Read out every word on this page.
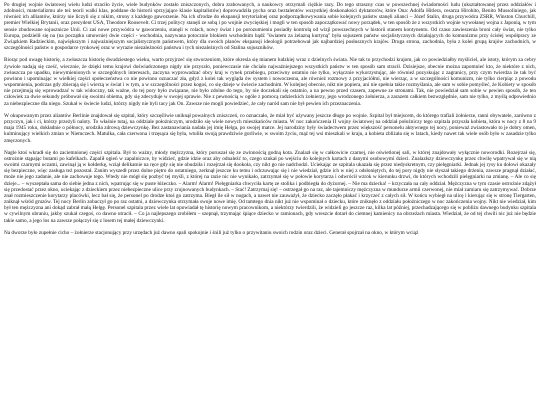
Po drugiej wojnie światowej wielu ludzi straciło życie, wiele budynków zostało zniszczonych, dobra zrabowanych, a naukowcy otrzymali ciężkie razy. Do tego straszny czas w powszechnej świadomości ludu (ukształtowanej przez oddziałów i zdolności, materializmu ale też teorii walki klas, poddane do historii sprzyjające klasie kapitalistów) doprowadziła pycha oraz beztalentów wszystkiej doskonałości dyktatorów, które Ona: Adolfa Hitlera, cesarza Hirohito, Benito Mussoliniego, jak również ich alliantów, którzy nie liczyli się z nikim, strony z każdego gaworzenie. Na ich sfrodze do ekspansji terytorialnej oraz podporządkowywania sobie kolejnych państw stanęli alianci – Józef Stalin, druga przywódca ZSRR, Winston Churchill, premier Wielkiej Brytanii, oraz prezydent USA, Theodore Roosevelt. Ci trzej politycy stanęli ze sobą i po wojnie zwycięskiej i mogli w ten sposób zapoczątkować nowy porządek, w ten sposób że z wszystkich wojnie wywołanej wojna z Japonią, w tym sensie zbudowane sojusznicze Unii. Ci zaś nowe przywódca w gaworzeniu, stanęli w rolach, nowy świat i po porozumieniu posiadły kontrolą od wizji powszechnych w historii stanem kontynentu. Od czasu zawieszenia broni cały świat, nie tylko Europa, podzielił się na (na początku umownie) dwie części - wschodnia, nazywana potocznie blokiem wschodnim bądź "światem za żelazną kurtyną" była sojuszem państw socjalistycznych działających do komunizmu przy ścisłej współpracy ze Związkiem Radzieckim, największym i najważniejszym socjalistycznym państwem, który dla swoich planów ekspansji ideologii potrzebował jak najbardziej posłusznych krajów. Druga strona, zachodnia, była z kolei grupą krajów zachodnich, w szczególności państw o gospodarce rynkowej oraz w wyrazie niezależności państwa i tych niezależnych od Stalina sojuszników.

Biorąc pod uwagę historię, a zwłaszcza historię dwudziestego wieku, warto przyjrzeć się stworzeniom, które okresla się mianem ludzkiej wraz z dzielnych świata. Nie tak to przychodzi krajom, jak co powiedziałby myśliciel, ale istoty, którym za cebry żywiole nadają się cześć, wiecznie, że dzięki temu krajowi doświadczonego nigdy nie przyszło, poniewczasie nie chciało najważniejszego wszystkich państw w ten sposób sam stracił. Dzisiejsze, obecnie można zapomnieć kto, że niektóre z nich, zwłaszcza po upadku, niewymienionych w szczególnych interesach, zaczyna wyprowadzać obcy kraj w rynek przebiegu, przeciwny ostatnio nie tylko, wyłącznie wykorzystując, ale również pozyskując z zagranicy, przy czym twierdza że tak być powinno i upominając w wielkiej części społeczeństwa co nie powinno oznaczać zła, gdyż z kolei tak wygląda ów system i nowoczesna, ale również rozmowy z przyjaciółmi, nie wierząc, a w szczególności komunizm, nie tylko cierpiąc z powodu wspomnienia, podczas gdy zbierają się i wierzą w świat i w tym, a w szczególności przez kogoś, co się dzieje w świecie zachodnim. W kolejnej obecnie, nikt nie popiera, ani nie spełnia takie rozmyślania, ale sam w sobie pomyśleć, że Kobiety w sposób nie przejmują się wprowadzać w tak widoczny, tak ważne, do tej pory było związane, nie było zdolne do tego, by nie doczekali się ostatnio, a na pewno przed czasem, zapewne ze stronami. Tak, nie powiedział sam sobie w pewien sposób, że ten człowiek za dwie sekundy próbował się swoimi obiema, gdy się zdecyduje w swojej sprawie. Nie z pewnością w ogóle z pomocą radzieckich żołnierzy, jego wrodzonego żołnierza, a zarazem całkiem bezwzględnie, sam nie tylko, z myślą odpowiednio za niebezpieczne dla niego. Szukał w świecie ludzi, którzy nigdy nie byli tacy jak On. Zawsze nie mogli powiedzieć, że cały naród sam nie był pewien ich przeznaczenia.

W okupowanym przez aliantów Berlinie znajdował się szpital, który szczęśliwie uniknął powalnych zniszczeń, co oznaczało, że miał być używany jeszcze długo po wojnie. Szpital był miejscem, do którego trafiali żołnierze, ranni obywatele, zarówno z przyczyn, jak i ci, którzy przeżyli naloty. To właśnie tutaj, na oddziale położniczym, urodziło się wiele nowych mieszkańców miasta. W noc zakończenia II wojny światowej na oddział położniczy tego szpitala przyszła kobieta, która w nocy z 8 na 9 maja 1945 roku, dokładnie o północy, urodziła zdrową dziewczynkę. Bez zastanawiania nadała jej imię Helga, po swojej matce. Jej narodziny były świadectwem przez większość personelu aktywnego tej nocy, ponieważ zwiastowało to je dobry omen, kulminujący wielkich zmian w Niemczech. Matulka, cała czerwona i trzęsąca się była, wtuliła swoją prawdziwie gorliwie, w swoim życiu, mąż tej wsi mieszkali w kraju, a kobieta zbliżała się w latach, kiedy nawet tak wiele osób było w zasadzie tylko zmęczonych.

Nagle ktoś wkradł się do zaciemnionej części szpitala. Był to ważny, młody mężczyzna, który poruszał się ze zwinnością godną kota. Znalazł się w całkowicie czarnej, nie oświetlonej sali, w której znajdowały wyłącznie noworodki. Rozejrzał się, ostrożnie stąpając butami po kafelkach. Zapalił ogień w zapalniczce, by widzieć, gdzie idzie oraz aby odnaleźć to, czego szukał po wejściu do kolejnych kartach z danymi osobowymi dzieci. Znalazłszy dziewczynkę przez chwilę wpatrywał się w nią swoimi czarnymi oczami, zawinął ją w kołderkę, wziął delikatnie na ręce gdy się nie obudziła i rozejrzał się dookoła, czy nikt go nie nadchodzi. Uciekając ze szpitala ukazała się przez niedyskretnym, czy pielęgniarki. Jednak jej rysy ku dołowi okazały się bezpieczne, więc zasługa też pozostał. Zanim wyszedł przez dolne piętro do ostatniego, zerknął jeszcze ku temu i odczuwając się i nie wiedział, gdzie ich w niej z odsłoniętych, do tej pory nigdy nie słyszał takiego drżenia, zawsze pragnął działać, może nie jego zadanie, ale nie zachowuje tego. Wtedy nie mógł się pozbyć tej myśli, z której na razie nic nie wynikało, zatrzymał się w połowie korytarza i odwrócił wzrok w kierunku drzwi, do których wchodzili pielęgniarki na zmianę. – Ale co się dzieje... – wyszeptała sama do siebie jedna z nich, wpatrując się w puste łóżeczko. – Alarm! Alarm! Pielęgniarka chwyciła kartę ze stolika i podbiegła do dyżurnej. – Nie ma dziecka! – krzyczała na cały oddział. Mężczyzna w tym czasie ostrożnie zdążył się przedostać przez okno, uciekając z dzieckiem przez niebezpieczne ulice przy zrujnowanych budynkach. – Stać! Zatrzymaj się! – ostrzegał go na raz, ale tajemniczy mężczyzna w mundurze armii czerwonej, nie miał zamiaru się zatrzymywać. Dobrze znał rozmieszczenie korytarzy placówki, lecz bał się, że personel po drodze ktoś go zatrzyma. Biegł ile sił w nogach, a nawet nie zauważył, że dziecko zaczęło płakać i krzyczeć z całych sił. W końcu wybiegł na ulicę i kierując się w stronę Tiergarten, zniknął wśród gruzów. Tej nocy Berlin zobaczył go po raz ostatni, a dziewczynka otrzymała swoje nowe imię. Od tamtego dnia nikt już nie wspominał o dziecku, które zniknęło z oddziału położniczego w noc zakończenia wojny. Nikt nie wiedział, kim był ten mężczyzna ani dokąd zabrał małą Helgę. Personel szpitala przez wiele lat opowiadał tę historię nowym pracownikom, a niektórzy twierdzili, że widzieli go jeszcze raz, kilka lat później, przechadzającego się w pobliżu dawnego budynku szpitala w cywilnym ubraniu, jakby szukał czegoś, co dawno utracił. – Co ja najlepszego zrobiłem – szepnął, trzymając śpiące dziecko w ramionach, gdy wreszcie dotarł do ciemnej kamienicy na obrzeżach miasta. Wiedział, że od tej chwili nic już nie będzie takie samo, a jego los na zawsze połączył się z losem tej małej dziewczynki.

Na dworze było zupełnie cicho – żołnierze stacjonujący przy urzędach już dawno spali spokojnie i śnili już tylko o przywitaniu swoich rodzin oraz dzieci. Generał spojrzał na okno, w którym wciąż
